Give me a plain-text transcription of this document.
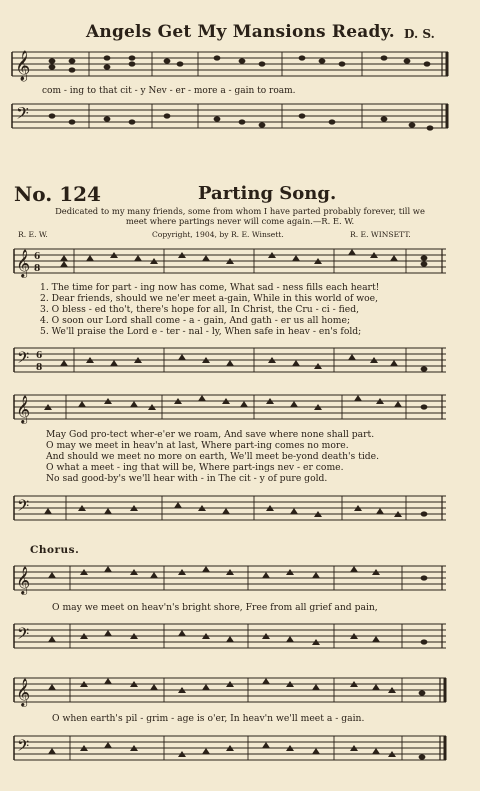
Angels Get My Mansions Ready. D. S.
𝄞
com - ing to that cit - y Nev - er - more a - gain to roam.
𝄢
No. 124	Parting Song.
Dedicated to my many friends, some from whom I have parted probably forever, till we
meet where partings never will come again.—R. E. W.
R. E. W.	Copyright, 1904, by R. E. Winsett.	R. E. WINSETT.
𝄞 6
8
1. The time for part - ing now has come, What sad - ness fills each heart!
2. Dear friends, should we ne'er meet a-gain, While in this world of woe,
3. O bless - ed tho't, there's hope for all, In Christ, the Cru - ci - fied,
4. O soon our Lord shall come - a - gain, And gath - er us all home;
5. We'll praise the Lord e - ter - nal - ly, When safe in heav - en's fold;
𝄢 6
8
𝄞
May God pro-tect wher-e'er we roam, And save where none shall part.
O may we meet in heav'n at last, Where part-ing comes no more.
And should we meet no more on earth, We'll meet be-yond death's tide.
O what a meet - ing that will be, Where part-ings nev - er come.
No sad good-by's we'll hear with - in The cit - y of pure gold.
𝄢
Chorus.
𝄞
O may we meet on heav'n's bright shore, Free from all grief and pain,
𝄢
𝄞
O when earth's pil - grim - age is o'er, In heav'n we'll meet a - gain.
𝄢
